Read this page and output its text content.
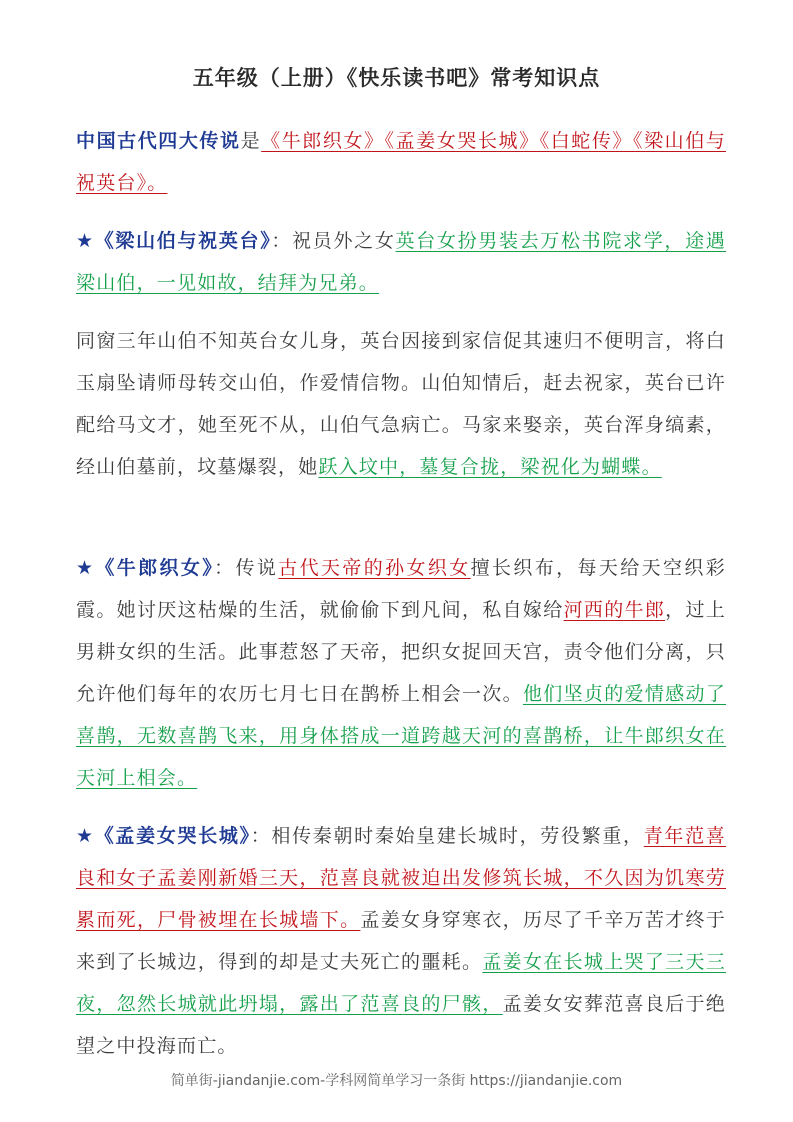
五年级（上册）《快乐读书吧》常考知识点
中国古代四大传说是《牛郎织女》《孟姜女哭长城》《白蛇传》《梁山伯与祝英台》。
★《梁山伯与祝英台》：祝员外之女英台女扮男装去万松书院求学，途遇梁山伯，一见如故，结拜为兄弟。
同窗三年山伯不知英台女儿身，英台因接到家信促其速归不便明言，将白玉扇坠请师母转交山伯，作爱情信物。山伯知情后，赶去祝家，英台已许配给马文才，她至死不从，山伯气急病亡。马家来娶亲，英台浑身缟素，经山伯墓前，坟墓爆裂，她跃入坟中，墓复合拢，梁祝化为蝴蝶。
★《牛郎织女》：传说古代天帝的孙女织女擅长织布，每天给天空织彩霞。她讨厌这枯燥的生活，就偷偷下到凡间，私自嫁给河西的牛郎，过上男耕女织的生活。此事惹怒了天帝，把织女捉回天宫，责令他们分离，只允许他们每年的农历七月七日在鹊桥上相会一次。他们坚贞的爱情感动了喜鹊，无数喜鹊飞来，用身体搭成一道跨越天河的喜鹊桥，让牛郎织女在天河上相会。
★《孟姜女哭长城》：相传秦朝时秦始皇建长城时，劳役繁重，青年范喜良和女子孟姜刚新婚三天，范喜良就被迫出发修筑长城，不久因为饥寒劳累而死，尸骨被埋在长城墙下。孟姜女身穿寒衣，历尽了千辛万苦才终于来到了长城边，得到的却是丈夫死亡的噩耗。孟姜女在长城上哭了三天三夜，忽然长城就此坍塌，露出了范喜良的尸骸，孟姜女安葬范喜良后于绝望之中投海而亡。
简单街-jiandanjie.com-学科网简单学习一条街 https://jiandanjie.com
